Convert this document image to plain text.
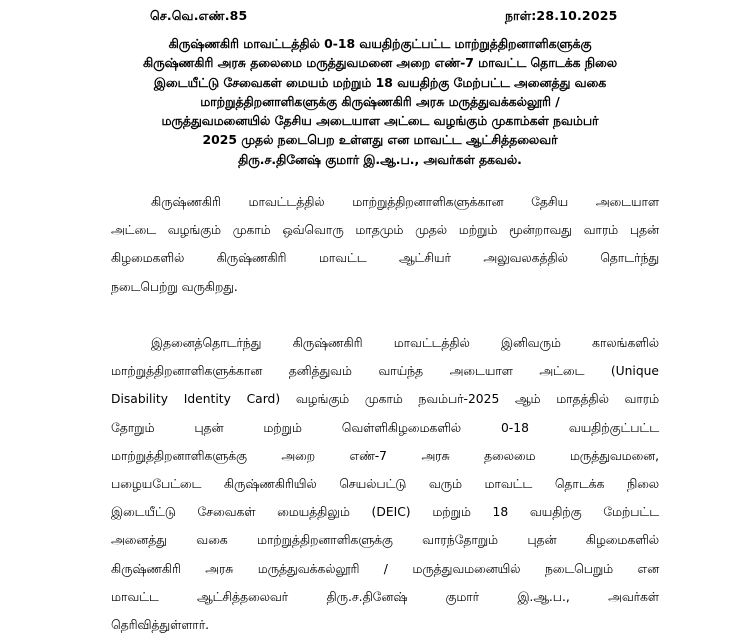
செ.வெ.எண்.85	நாள்:28.10.2025
கிருஷ்ணகிரி மாவட்டத்தில் 0-18 வயதிற்குட்பட்ட மாற்றுத்திறனாளிகளுக்கு
கிருஷ்ணகிரி அரசு தலைமை மருத்துவமனை அறை எண்-7 மாவட்ட தொடக்க நிலை
இடையீட்டு சேவைகள் மையம் மற்றும் 18 வயதிற்கு மேற்பட்ட அனைத்து வகை
மாற்றுத்திறனாளிகளுக்கு கிருஷ்ணகிரி அரசு மருத்துவக்கல்லூரி /
மருத்துவமனையில் தேசிய அடையாள அட்டை வழங்கும் முகாம்கள் நவம்பர்
2025 முதல் நடைபெற உள்ளது என மாவட்ட ஆட்சித்தலைவர்
திரு.ச.தினேஷ் குமார் இ.ஆ.ப., அவர்கள் தகவல்.
கிருஷ்ணகிரி மாவட்டத்தில் மாற்றுத்திறனாளிகளுக்கான தேசிய அடையாள
அட்டை வழங்கும் முகாம் ஒவ்வொரு மாதமும் முதல் மற்றும் மூன்றாவது வாரம் புதன்
கிழமைகளில் கிருஷ்ணகிரி மாவட்ட ஆட்சியர் அலுவலகத்தில் தொடர்ந்து
நடைபெற்று வருகிறது.
இதனைத்தொடர்ந்து கிருஷ்ணகிரி மாவட்டத்தில் இனிவரும் காலங்களில்
மாற்றுத்திறனாளிகளுக்கான தனித்துவம் வாய்ந்த அடையாள அட்டை (Unique
Disability Identity Card) வழங்கும் முகாம் நவம்பர்-2025 ஆம் மாதத்தில் வாரம்
தோறும் புதன் மற்றும் வெள்ளிகிழமைகளில் 0-18 வயதிற்குட்பட்ட
மாற்றுத்திறனாளிகளுக்கு அறை எண்-7 அரசு தலைமை மருத்துவமனை,
பழையபேட்டை கிருஷ்ணகிரியில் செயல்பட்டு வரும் மாவட்ட தொடக்க நிலை
இடையீட்டு சேவைகள் மையத்திலும் (DEIC) மற்றும் 18 வயதிற்கு மேற்பட்ட
அனைத்து வகை மாற்றுத்திறனாளிகளுக்கு வாரந்தோறும் புதன் கிழமைகளில்
கிருஷ்ணகிரி அரசு மருத்துவக்கல்லூரி / மருத்துவமனையில் நடைபெறும் என
மாவட்ட ஆட்சித்தலைவர் திரு.ச.தினேஷ் குமார் இ.ஆ.ப., அவர்கள்
தெரிவித்துள்ளார்.
